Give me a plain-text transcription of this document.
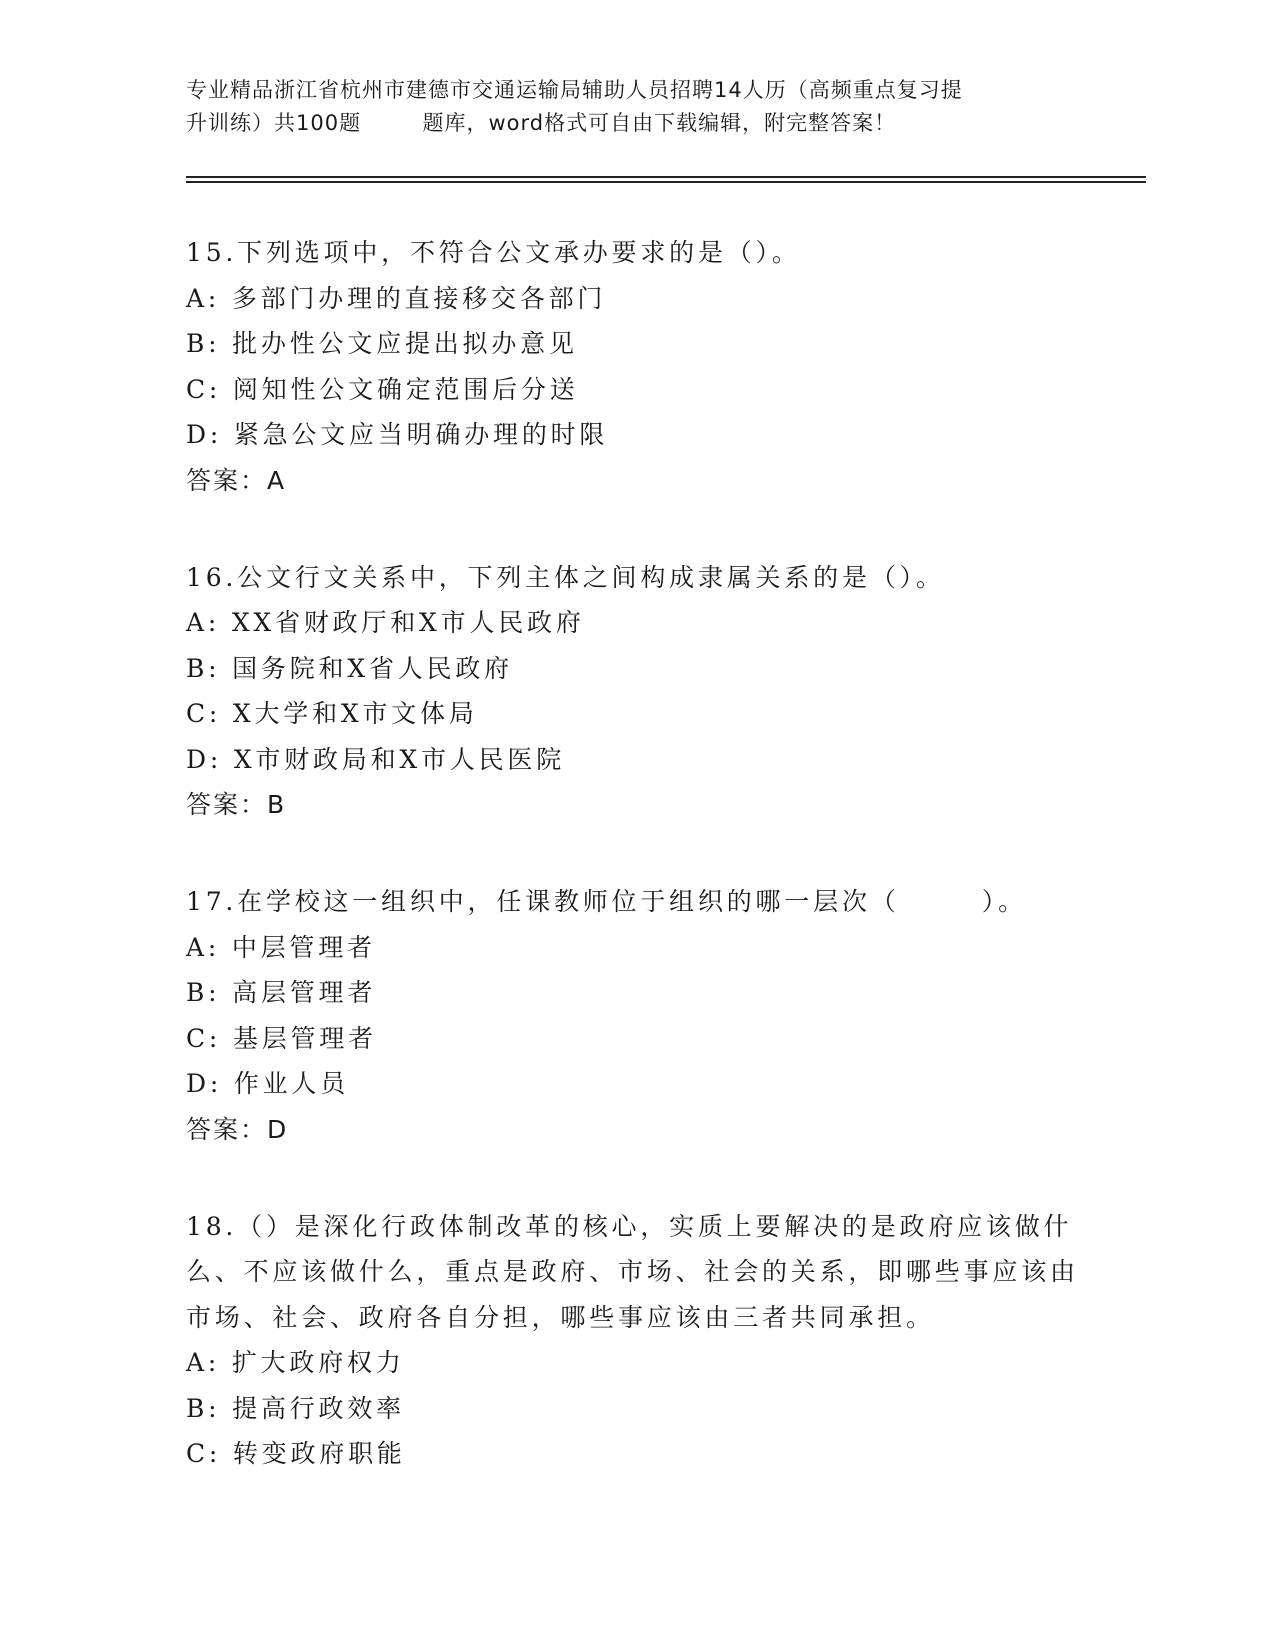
专业精品浙江省杭州市建德市交通运输局辅助人员招聘14人历（高频重点复习提
升训练）共100题        题库，word格式可自由下载编辑，附完整答案！
15.下列选项中，不符合公文承办要求的是（）。
A: 多部门办理的直接移交各部门
B: 批办性公文应提出拟办意见
C: 阅知性公文确定范围后分送
D: 紧急公文应当明确办理的时限
答案：A
16.公文行文关系中，下列主体之间构成隶属关系的是（）。
A: XX省财政厅和X市人民政府
B: 国务院和X省人民政府
C: X大学和X市文体局
D: X市财政局和X市人民医院
答案：B
17.在学校这一组织中，任课教师位于组织的哪一层次（       ）。
A: 中层管理者
B: 高层管理者
C: 基层管理者
D: 作业人员
答案：D
18.（）是深化行政体制改革的核心，实质上要解决的是政府应该做什么、不应该做什么，重点是政府、市场、社会的关系，即哪些事应该由市场、社会、政府各自分担，哪些事应该由三者共同承担。
A: 扩大政府权力
B: 提高行政效率
C: 转变政府职能
